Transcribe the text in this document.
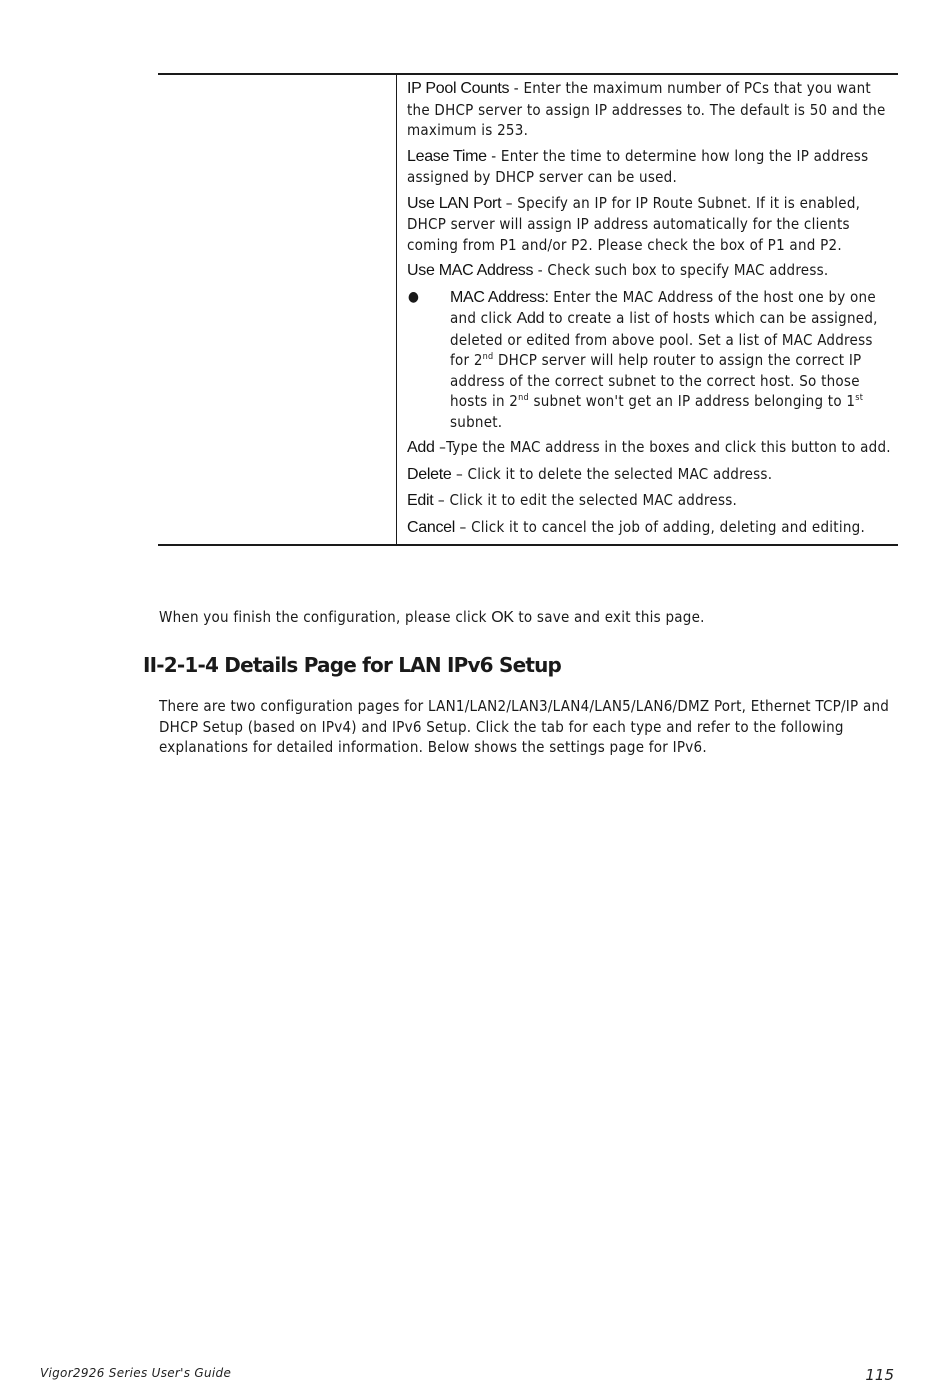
IP Pool Counts - Enter the maximum number of PCs that you want the DHCP server to assign IP addresses to. The default is 50 and the maximum is 253.

Lease Time - Enter the time to determine how long the IP address assigned by DHCP server can be used.

Use LAN Port – Specify an IP for IP Route Subnet. If it is enabled, DHCP server will assign IP address automatically for the clients coming from P1 and/or P2. Please check the box of P1 and P2.

Use MAC Address - Check such box to specify MAC address.

●	MAC Address: Enter the MAC Address of the host one by one and click Add to create a list of hosts which can be assigned, deleted or edited from above pool. Set a list of MAC Address for 2nd DHCP server will help router to assign the correct IP address of the correct subnet to the correct host. So those hosts in 2nd subnet won't get an IP address belonging to 1st subnet.

Add –Type the MAC address in the boxes and click this button to add.

Delete – Click it to delete the selected MAC address.

Edit – Click it to edit the selected MAC address.

Cancel – Click it to cancel the job of adding, deleting and editing.

When you finish the configuration, please click OK to save and exit this page.
II-2-1-4 Details Page for LAN IPv6 Setup
There are two configuration pages for LAN1/LAN2/LAN3/LAN4/LAN5/LAN6/DMZ Port, Ethernet TCP/IP and DHCP Setup (based on IPv4) and IPv6 Setup. Click the tab for each type and refer to the following explanations for detailed information. Below shows the settings page for IPv6.
Vigor2926 Series User's Guide	115
